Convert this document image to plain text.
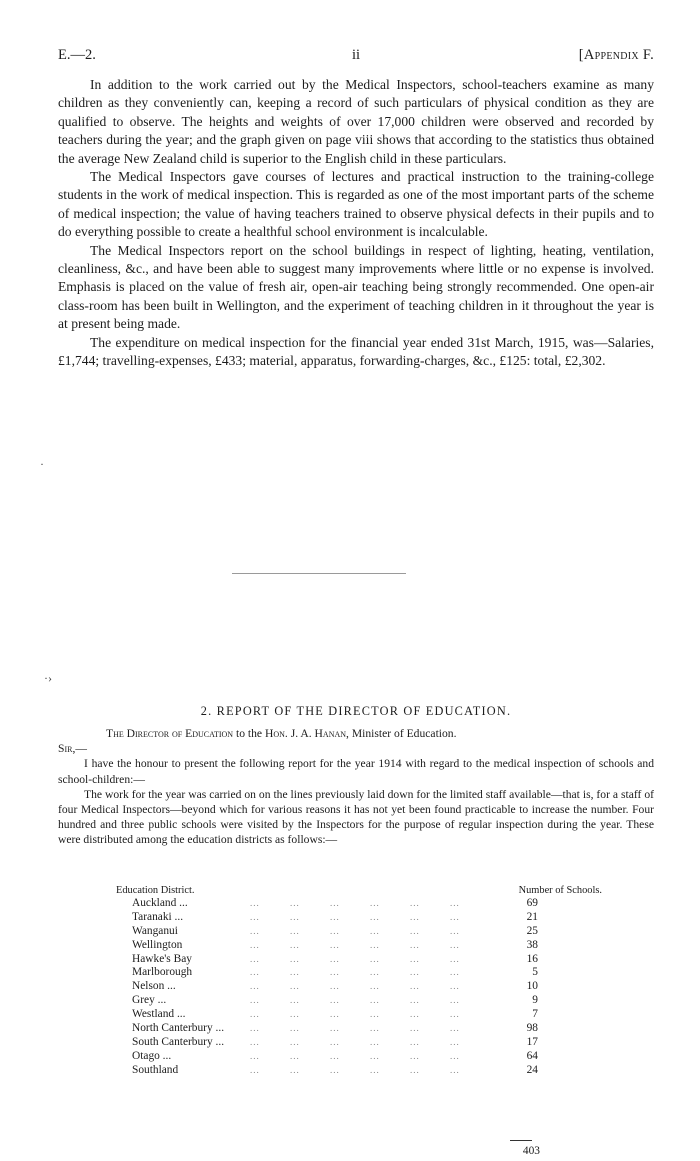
E.—2.	ii	[Appendix F.

In addition to the work carried out by the Medical Inspectors, school-teachers examine as many children as they conveniently can, keeping a record of such particulars of physical condition as they are qualified to observe. The heights and weights of over 17,000 children were observed and recorded by teachers during the year; and the graph given on page viii shows that according to the statistics thus obtained the average New Zealand child is superior to the English child in these particulars.

The Medical Inspectors gave courses of lectures and practical instruction to the training-college students in the work of medical inspection. This is regarded as one of the most important parts of the scheme of medical inspection; the value of having teachers trained to observe physical defects in their pupils and to do everything possible to create a healthful school environment is incalculable.

The Medical Inspectors report on the school buildings in respect of lighting, heating, ventilation, cleanliness, &c., and have been able to suggest many improvements where little or no expense is involved. Emphasis is placed on the value of fresh air, open-air teaching being strongly recommended. One open-air class-room has been built in Wellington, and the experiment of teaching children in it throughout the year is at present being made.

The expenditure on medical inspection for the financial year ended 31st March, 1915, was—Salaries, £1,744; travelling-expenses, £433; material, apparatus, forwarding-charges, &c., £125: total, £2,302.

·
·›
2. REPORT OF THE DIRECTOR OF EDUCATION.

The Director of Education to the Hon. J. A. Hanan, Minister of Education.

Sir,—

I have the honour to present the following report for the year 1914 with regard to the medical inspection of schools and school-children:—

The work for the year was carried on on the lines previously laid down for the limited staff available—that is, for a staff of four Medical Inspectors—beyond which for various reasons it has not yet been found practicable to increase the number. Four hundred and three public schools were visited by the Inspectors for the purpose of regular inspection during the year. These were distributed among the education districts as follows:—

Education District.	Number of Schools.
Auckland ...	... ... ... ... ... ...	69
Taranaki ...	... ... ... ... ... ...	21
Wanganui	... ... ... ... ... ...	25
Wellington	... ... ... ... ... ...	38
Hawke's Bay	... ... ... ... ... ...	16
Marlborough	... ... ... ... ... ...	5
Nelson ...	... ... ... ... ... ...	10
Grey ...	... ... ... ... ... ...	9
Westland ...	... ... ... ... ... ...	7
North Canterbury ...	... ... ... ... ... ...	98
South Canterbury ...	... ... ... ... ... ...	17
Otago ...	... ... ... ... ... ...	64
Southland	... ... ... ... ... ...	24
403
